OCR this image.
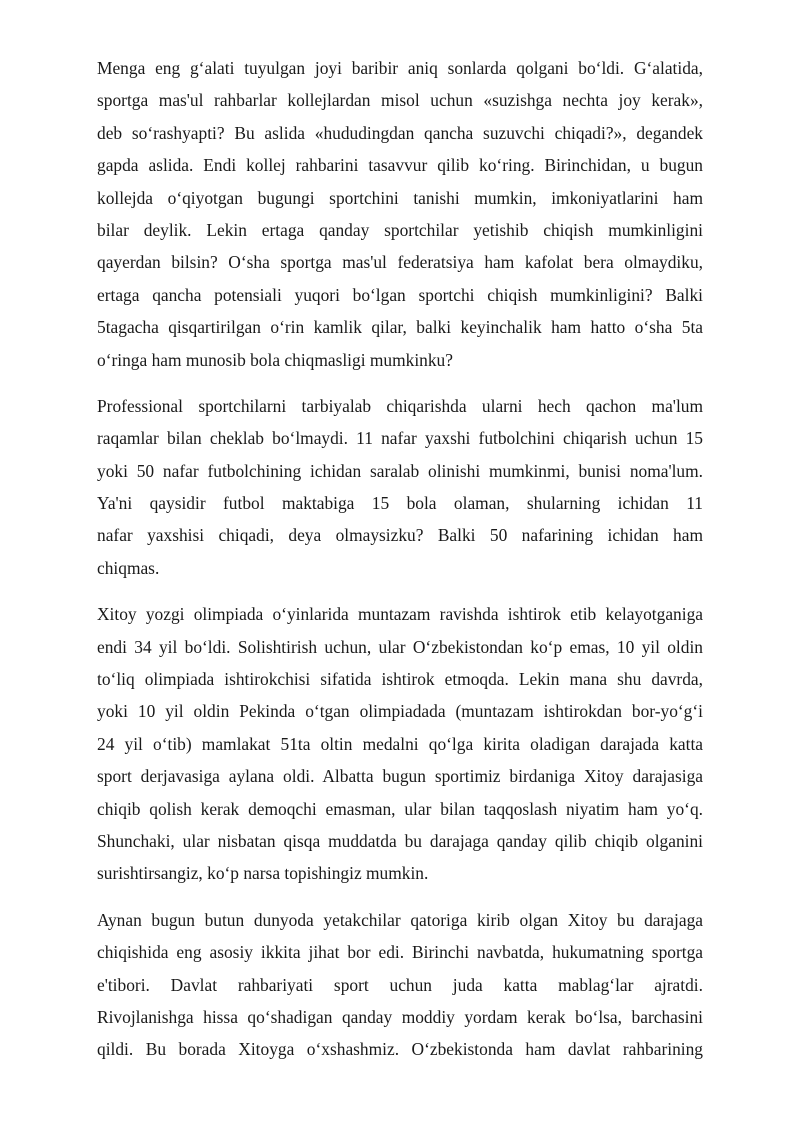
Menga eng g‘alati tuyulgan joyi baribir aniq sonlarda qolgani bo‘ldi. G‘alatida,
sportga mas'ul rahbarlar kollejlardan misol uchun «suzishga nechta joy kerak»,
deb so‘rashyapti? Bu aslida «hududingdan qancha suzuvchi chiqadi?», degandek
gapda aslida. Endi kollej rahbarini tasavvur qilib ko‘ring. Birinchidan, u bugun
kollejda o‘qiyotgan bugungi sportchini tanishi mumkin, imkoniyatlarini ham
bilar deylik. Lekin ertaga qanday sportchilar yetishib chiqish mumkinligini
qayerdan bilsin? O‘sha sportga mas'ul federatsiya ham kafolat bera olmaydiku,
ertaga qancha potensiali yuqori bo‘lgan sportchi chiqish mumkinligini? Balki
5tagacha qisqartirilgan o‘rin kamlik qilar, balki keyinchalik ham hatto o‘sha 5ta
o‘ringa ham munosib bola chiqmasligi mumkinku?
Professional sportchilarni tarbiyalab chiqarishda ularni hech qachon ma'lum
raqamlar bilan cheklab bo‘lmaydi. 11 nafar yaxshi futbolchini chiqarish uchun 15
yoki 50 nafar futbolchining ichidan saralab olinishi mumkinmi, bunisi noma'lum.
Ya'ni qaysidir futbol maktabiga 15 bola olaman, shularning ichidan 11
nafar yaxshisi chiqadi, deya olmaysizku? Balki 50 nafarining ichidan ham
chiqmas.
Xitoy yozgi olimpiada o‘yinlarida muntazam ravishda ishtirok etib kelayotganiga
endi 34 yil bo‘ldi. Solishtirish uchun, ular O‘zbekistondan ko‘p emas, 10 yil oldin
to‘liq olimpiada ishtirokchisi sifatida ishtirok etmoqda. Lekin mana shu davrda,
yoki 10 yil oldin Pekinda o‘tgan olimpiadada (muntazam ishtirokdan bor-yo‘g‘i
24 yil o‘tib) mamlakat 51ta oltin medalni qo‘lga kirita oladigan darajada katta
sport derjavasiga aylana oldi. Albatta bugun sportimiz birdaniga Xitoy darajasiga
chiqib qolish kerak demoqchi emasman, ular bilan taqqoslash niyatim ham yo‘q.
Shunchaki, ular nisbatan qisqa muddatda bu darajaga qanday qilib chiqib olganini
surishtirsangiz, ko‘p narsa topishingiz mumkin.
Aynan bugun butun dunyoda yetakchilar qatoriga kirib olgan Xitoy bu darajaga
chiqishida eng asosiy ikkita jihat bor edi. Birinchi navbatda, hukumatning sportga
e'tibori. Davlat rahbariyati sport uchun juda katta mablag‘lar ajratdi.
Rivojlanishga hissa qo‘shadigan qanday moddiy yordam kerak bo‘lsa, barchasini
qildi. Bu borada Xitoyga o‘xshashmiz. O‘zbekistonda ham davlat rahbarining
